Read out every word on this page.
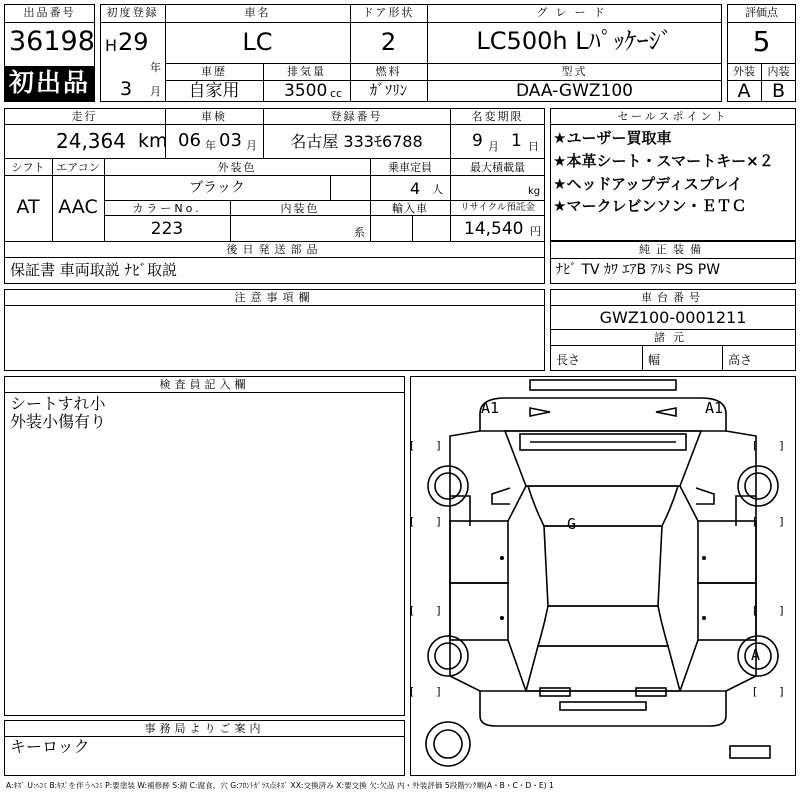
出品番号
36198
初出品
初度登録
H 29
年
3 月
車名
LC
ドア形状
2
グレード
LC500h Lﾊﾟｯｹｰｼﾞ
車歴
自家用
排気量
3500 cc
燃料
ｶﾞｿﾘﾝ
型式
DAA-GWZ100
評価点
5
外装	内装
A	B
走行
24,364 km
車検
06 年 03 月
登録番号
名古屋 333ﾓ6788
名変期限
9 月 1 日
シフト
AT
エアコン
AAC
外装色
ブラック
乗車定員
4 人
最大積載量
kg
カラーNo.
223
内装色
系
輸入車	リサイクル預託金
14,540 円
後日発送部品
保証書 車両取説 ﾅﾋﾞ取説
セールスポイント
★ユーザー買取車
★本革シート・スマートキー×２
★ヘッドアップディスプレイ
★マークレビンソン・ＥＴＣ
純正装備
ﾅﾋﾞ TV ｶﾜ ｴｱB ｱﾙﾐ PS PW
注意事項欄	車台番号
GWZ100-0001211
諸元
長さ	幅	高さ
検査員記入欄
シートすれ小
外装小傷有り
事務局よりご案内
キーロック
A1	A1
G
A
[　　]	[　　]
[　　]	[　　]
[　　]	[　　]
[　　]	[　　]
A:ｷｽﾞ U:ﾍｺﾐ B:ｷｽﾞを伴うﾍｺﾐ P:要塗装 W:補修跡 S:錆 C:腐食、穴 G:ﾌﾛﾝﾄｶﾞﾗｽ点ｷｽﾞ XX:交換済み X:要交換 欠:欠品 内・外装評価 5段階ﾗﾝｸ順(A・B・C・D・E) 1
